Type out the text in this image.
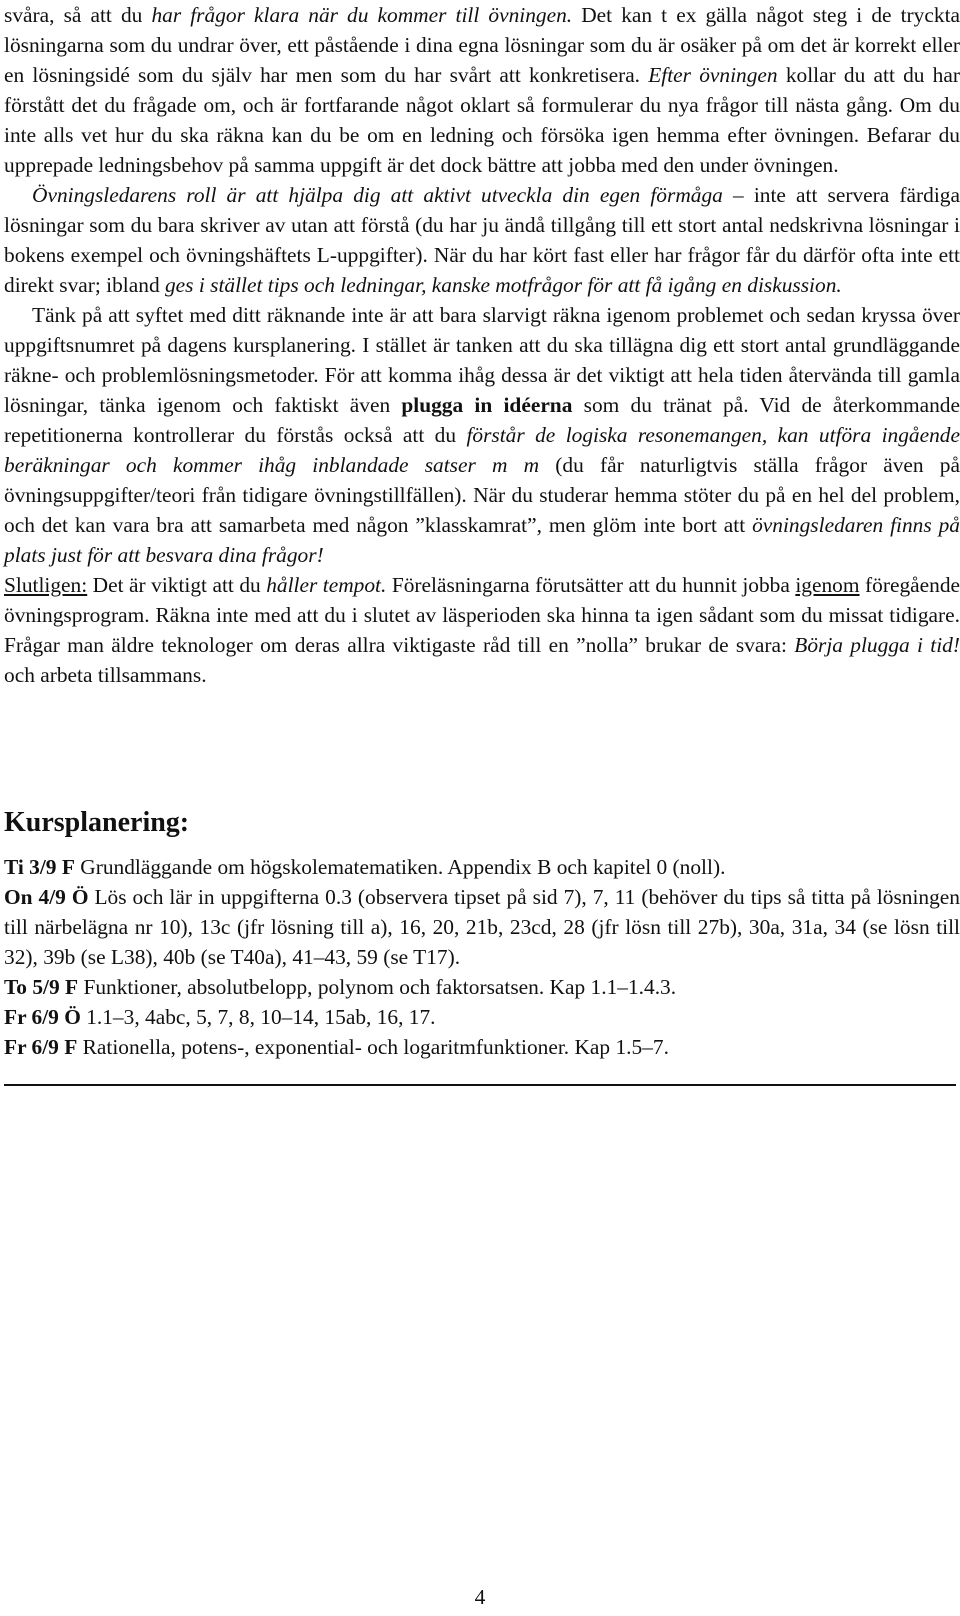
svåra, så att du har frågor klara när du kommer till övningen. Det kan t ex gälla något steg i de tryckta lösningarna som du undrar över, ett påstående i dina egna lösningar som du är osäker på om det är korrekt eller en lösningsidé som du själv har men som du har svårt att konkretisera. Efter övningen kollar du att du har förstått det du frågade om, och är fortfarande något oklart så formulerar du nya frågor till nästa gång. Om du inte alls vet hur du ska räkna kan du be om en ledning och försöka igen hemma efter övningen. Befarar du upprepade ledningsbehov på samma uppgift är det dock bättre att jobba med den under övningen.

Övningsledarens roll är att hjälpa dig att aktivt utveckla din egen förmåga – inte att servera färdiga lösningar som du bara skriver av utan att förstå (du har ju ändå tillgång till ett stort antal nedskrivna lösningar i bokens exempel och övningshäftets L-uppgifter). När du har kört fast eller har frågor får du därför ofta inte ett direkt svar; ibland ges i stället tips och ledningar, kanske motfrågor för att få igång en diskussion.

Tänk på att syftet med ditt räknande inte är att bara slarvigt räkna igenom problemet och sedan kryssa över uppgiftsnumret på dagens kursplanering. I stället är tanken att du ska tillägna dig ett stort antal grundläggande räkne- och problemlösningsmetoder. För att komma ihåg dessa är det viktigt att hela tiden återvända till gamla lösningar, tänka igenom och faktiskt även plugga in idéerna som du tränat på. Vid de återkommande repetitionerna kontrollerar du förstås också att du förstår de logiska resonemangen, kan utföra ingående beräkningar och kommer ihåg inblandade satser m m (du får naturligtvis ställa frågor även på övningsuppgifter/teori från tidigare övningstillfällen). När du studerar hemma stöter du på en hel del problem, och det kan vara bra att samarbeta med någon ”klasskamrat”, men glöm inte bort att övningsledaren finns på plats just för att besvara dina frågor!

Slutligen: Det är viktigt att du håller tempot. Föreläsningarna förutsätter att du hunnit jobba igenom föregående övningsprogram. Räkna inte med att du i slutet av läsperioden ska hinna ta igen sådant som du missat tidigare. Frågar man äldre teknologer om deras allra viktigaste råd till en ”nolla” brukar de svara: Börja plugga i tid! och arbeta tillsammans.

Kursplanering:

Ti 3/9 F Grundläggande om högskolematematiken. Appendix B och kapitel 0 (noll).

On 4/9 Ö Lös och lär in uppgifterna 0.3 (observera tipset på sid 7), 7, 11 (behöver du tips så titta på lösningen till närbelägna nr 10), 13c (jfr lösning till a), 16, 20, 21b, 23cd, 28 (jfr lösn till 27b), 30a, 31a, 34 (se lösn till 32), 39b (se L38), 40b (se T40a), 41–43, 59 (se T17).

To 5/9 F Funktioner, absolutbelopp, polynom och faktorsatsen. Kap 1.1–1.4.3.

Fr 6/9 Ö 1.1–3, 4abc, 5, 7, 8, 10–14, 15ab, 16, 17.

Fr 6/9 F Rationella, potens-, exponential- och logaritmfunktioner. Kap 1.5–7.

4
